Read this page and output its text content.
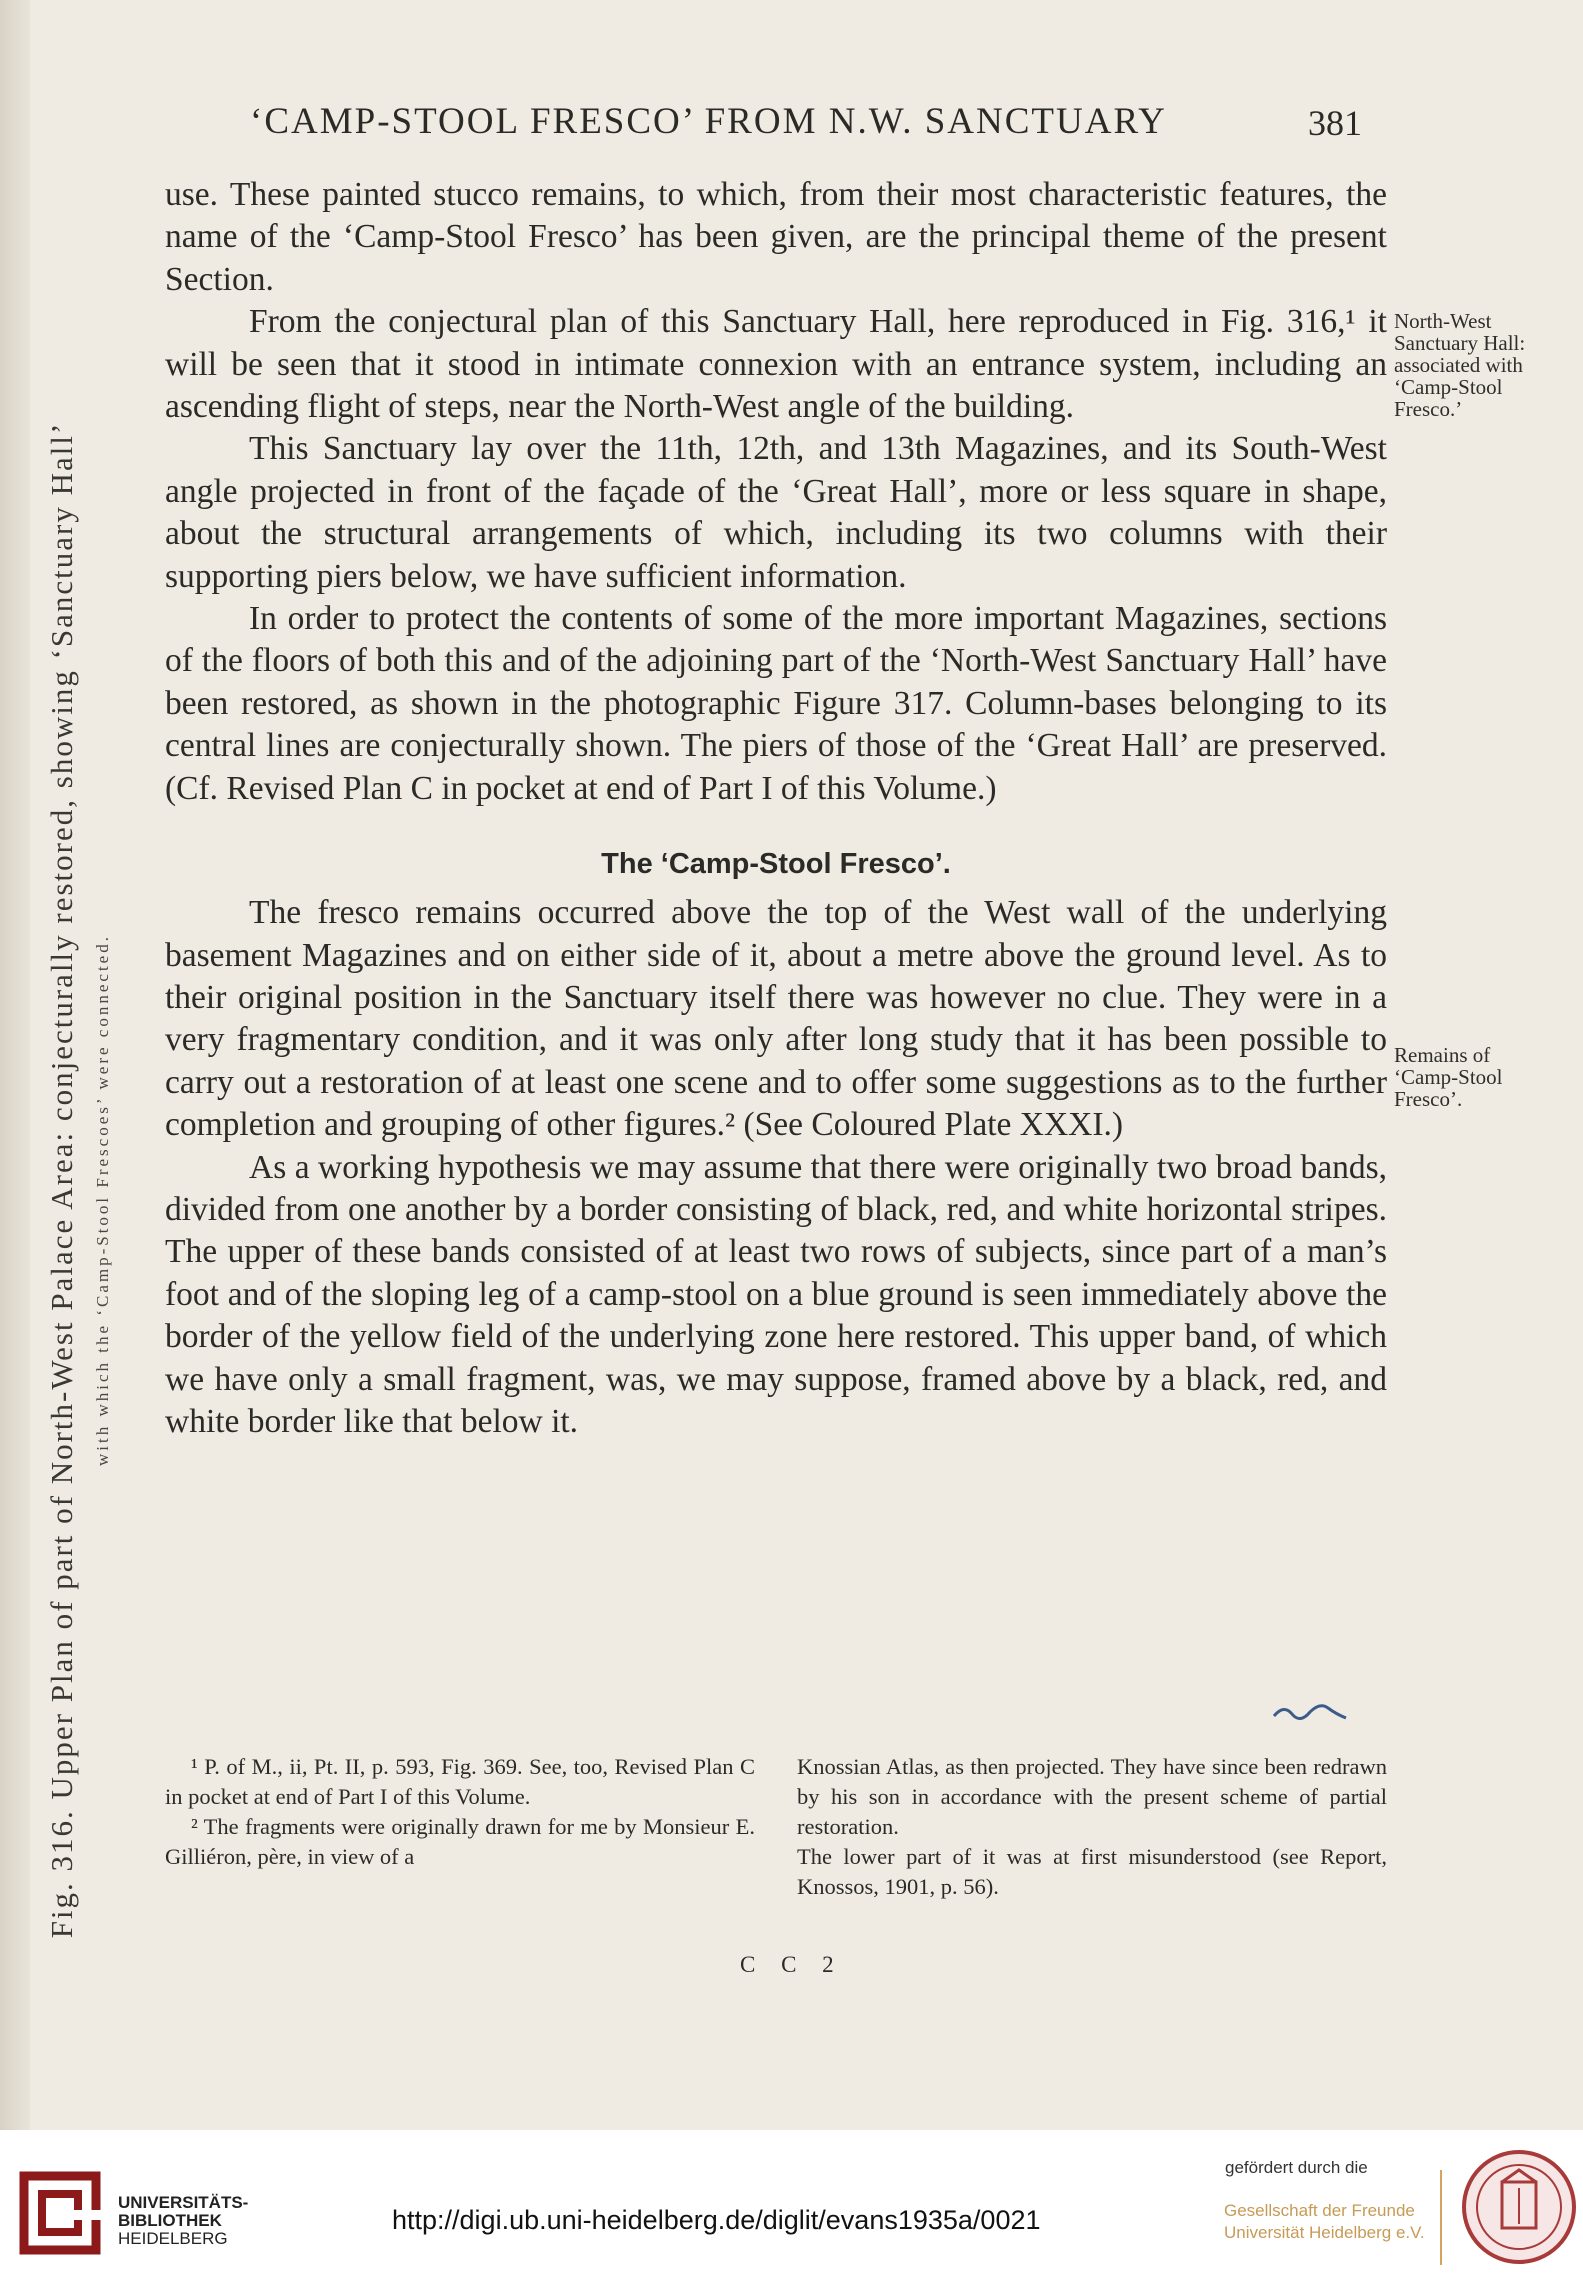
Fig. 316. Upper Plan of part of North-West Palace Area: conjecturally restored, showing ‘Sanctuary Hall’ with which the ‘Camp-Stool Frescoes’ were connected.
‘CAMP-STOOL FRESCO’ FROM N.W. SANCTUARY	381

use. These painted stucco remains, to which, from their most characteristic features, the name of the ‘Camp-Stool Fresco’ has been given, are the principal theme of the present Section.

From the conjectural plan of this Sanctuary Hall, here reproduced in Fig. 316,¹ it will be seen that it stood in intimate connexion with an entrance system, including an ascending flight of steps, near the North-West angle of the building.

This Sanctuary lay over the 11th, 12th, and 13th Magazines, and its South-West angle projected in front of the façade of the ‘Great Hall’, more or less square in shape, about the structural arrangements of which, including its two columns with their supporting piers below, we have sufficient information.

In order to protect the contents of some of the more important Magazines, sections of the floors of both this and of the adjoining part of the ‘North-West Sanctuary Hall’ have been restored, as shown in the photographic Figure 317. Column-bases belonging to its central lines are conjecturally shown. The piers of those of the ‘Great Hall’ are preserved. (Cf. Revised Plan C in pocket at end of Part I of this Volume.)

The ‘Camp-Stool Fresco’.

The fresco remains occurred above the top of the West wall of the underlying basement Magazines and on either side of it, about a metre above the ground level. As to their original position in the Sanctuary itself there was however no clue. They were in a very fragmentary condition, and it was only after long study that it has been possible to carry out a restoration of at least one scene and to offer some suggestions as to the further completion and grouping of other figures.² (See Coloured Plate XXXI.)

As a working hypothesis we may assume that there were originally two broad bands, divided from one another by a border consisting of black, red, and white horizontal stripes. The upper of these bands consisted of at least two rows of subjects, since part of a man’s foot and of the sloping leg of a camp-stool on a blue ground is seen immediately above the border of the yellow field of the underlying zone here restored. This upper band, of which we have only a small fragment, was, we may suppose, framed above by a black, red, and white border like that below it.

North-West Sanctuary Hall: associated with ‘Camp-Stool Fresco.’
Remains of ‘Camp-Stool Fresco’.

¹ P. of M., ii, Pt. II, p. 593, Fig. 369. See, too, Revised Plan C in pocket at end of Part I of this Volume.

² The fragments were originally drawn for me by Monsieur E. Gilliéron, père, in view of a

Knossian Atlas, as then projected. They have since been redrawn by his son in accordance with the present scheme of partial restoration.

The lower part of it was at first misunderstood (see Report, Knossos, 1901, p. 56).

C C 2
UNIVERSITÄTS-
BIBLIOTHEK
HEIDELBERG
http://digi.ub.uni-heidelberg.de/diglit/evans1935a/0021
gefördert durch die
Gesellschaft der Freunde
Universität Heidelberg e.V.
